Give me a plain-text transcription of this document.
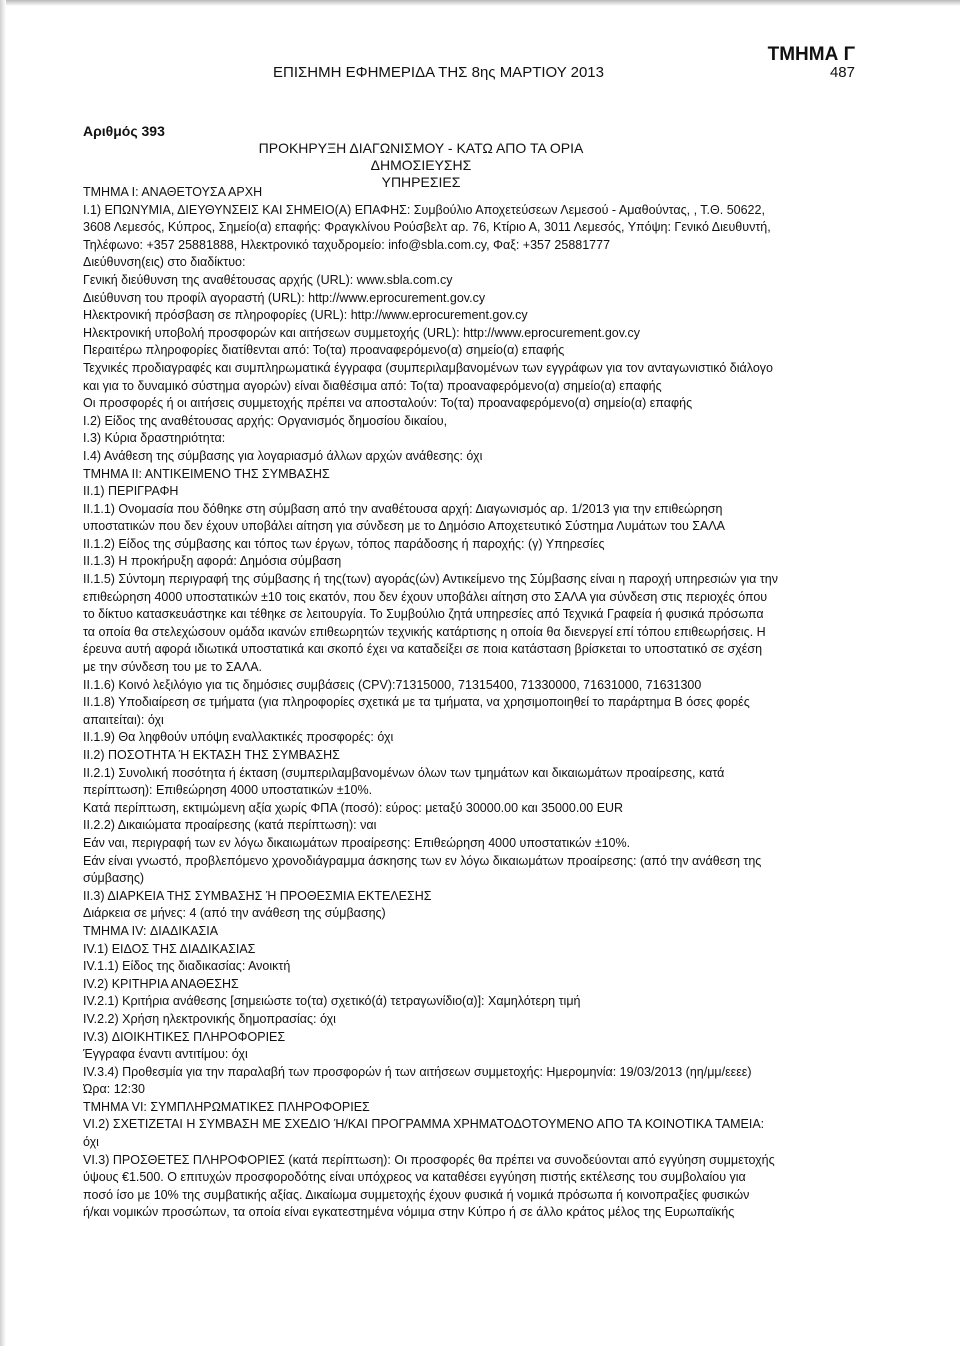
ΤΜΗΜΑ Γ
ΕΠΙΣΗΜΗ ΕΦΗΜΕΡΙΔΑ ΤΗΣ 8ης ΜΑΡΤΙΟΥ 2013	487
Αριθμός 393
ΠΡΟΚΗΡΥΞΗ ΔΙΑΓΩΝΙΣΜΟΥ - ΚΑΤΩ ΑΠΟ ΤΑ ΟΡΙΑ ΔΗΜΟΣΙΕΥΣΗΣ
ΥΠΗΡΕΣΙΕΣ
ΤΜΗΜΑ Ι: ΑΝΑΘΕΤΟΥΣΑ ΑΡΧΗ
Ι.1) ΕΠΩΝΥΜΙΑ, ΔΙΕΥΘΥΝΣΕΙΣ ΚΑΙ ΣΗΜΕΙΟ(Α) ΕΠΑΦΗΣ: Συμβούλιο Αποχετεύσεων Λεμεσού - Αμαθούντας, , Τ.Θ. 50622,
3608 Λεμεσός, Κύπρος, Σημείο(α) επαφής: Φραγκλίνου Ρούσβελτ αρ. 76, Κτίριο Α, 3011 Λεμεσός, Υπόψη: Γενικό Διευθυντή,
Τηλέφωνο: +357 25881888, Ηλεκτρονικό ταχυδρομείο: info@sbla.com.cy, Φαξ: +357 25881777
Διεύθυνση(εις) στο διαδίκτυο:
Γενική διεύθυνση της αναθέτουσας αρχής (URL): www.sbla.com.cy
Διεύθυνση του προφίλ αγοραστή (URL): http://www.eprocurement.gov.cy
Ηλεκτρονική πρόσβαση σε πληροφορίες (URL): http://www.eprocurement.gov.cy
Ηλεκτρονική υποβολή προσφορών και αιτήσεων συμμετοχής (URL): http://www.eprocurement.gov.cy
Περαιτέρω πληροφορίες διατίθενται από: Το(τα) προαναφερόμενο(α) σημείο(α) επαφής
Τεχνικές προδιαγραφές και συμπληρωματικά έγγραφα (συμπεριλαμβανομένων των εγγράφων για τον ανταγωνιστικό διάλογο
και για το δυναμικό σύστημα αγορών) είναι διαθέσιμα από: Το(τα) προαναφερόμενο(α) σημείο(α) επαφής
Οι προσφορές ή οι αιτήσεις συμμετοχής πρέπει να αποσταλούν: Το(τα) προαναφερόμενο(α) σημείο(α) επαφής
Ι.2) Είδος της αναθέτουσας αρχής: Οργανισμός δημοσίου δικαίου,
Ι.3) Κύρια δραστηριότητα:
Ι.4) Ανάθεση της σύμβασης για λογαριασμό άλλων αρχών ανάθεσης: όχι
ΤΜΗΜΑ ΙΙ: ΑΝΤΙΚΕΙΜΕΝΟ ΤΗΣ ΣΥΜΒΑΣΗΣ
ΙΙ.1) ΠΕΡΙΓΡΑΦΗ
ΙΙ.1.1) Ονομασία που δόθηκε στη σύμβαση από την αναθέτουσα αρχή: Διαγωνισμός αρ. 1/2013 για την επιθεώρηση
υποστατικών που δεν έχουν υποβάλει αίτηση για σύνδεση με το Δημόσιο Αποχετευτικό Σύστημα Λυμάτων του ΣΑΛΑ
ΙΙ.1.2) Είδος της σύμβασης και τόπος των έργων, τόπος παράδοσης ή παροχής: (γ) Υπηρεσίες
ΙΙ.1.3) Η προκήρυξη αφορά: Δημόσια σύμβαση
ΙΙ.1.5) Σύντομη περιγραφή της σύμβασης ή της(των) αγοράς(ών) Αντικείμενο της Σύμβασης είναι η παροχή υπηρεσιών για την
επιθεώρηση 4000 υποστατικών ±10 τοις εκατόν, που δεν έχουν υποβάλει αίτηση στο ΣΑΛΑ για σύνδεση στις περιοχές όπου
το δίκτυο κατασκευάστηκε και τέθηκε σε λειτουργία. Το Συμβούλιο ζητά υπηρεσίες από Τεχνικά Γραφεία ή φυσικά πρόσωπα
τα οποία θα στελεχώσουν ομάδα ικανών επιθεωρητών τεχνικής κατάρτισης η οποία θα διενεργεί επί τόπου επιθεωρήσεις. Η
έρευνα αυτή αφορά ιδιωτικά υποστατικά και σκοπό έχει να καταδείξει σε ποια κατάσταση βρίσκεται το υποστατικό σε σχέση
με την σύνδεση του με το ΣΑΛΑ.
ΙΙ.1.6) Κοινό λεξιλόγιο για τις δημόσιες συμβάσεις (CPV):71315000, 71315400, 71330000, 71631000, 71631300
ΙΙ.1.8) Υποδιαίρεση σε τμήματα (για πληροφορίες σχετικά με τα τμήματα, να χρησιμοποιηθεί το παράρτημα Β όσες φορές
απαιτείται): όχι
ΙΙ.1.9) Θα ληφθούν υπόψη εναλλακτικές προσφορές: όχι
ΙΙ.2) ΠΟΣΟΤΗΤΑ Ή ΕΚΤΑΣΗ ΤΗΣ ΣΥΜΒΑΣΗΣ
ΙΙ.2.1) Συνολική ποσότητα ή έκταση (συμπεριλαμβανομένων όλων των τμημάτων και δικαιωμάτων προαίρεσης, κατά
περίπτωση): Επιθεώρηση 4000 υποστατικών ±10%.
Κατά περίπτωση, εκτιμώμενη αξία χωρίς ΦΠΑ (ποσό): εύρος: μεταξύ 30000.00 και 35000.00 EUR
ΙΙ.2.2) Δικαιώματα προαίρεσης (κατά περίπτωση): ναι
Εάν ναι, περιγραφή των εν λόγω δικαιωμάτων προαίρεσης: Επιθεώρηση 4000 υποστατικών ±10%.
Εάν είναι γνωστό, προβλεπόμενο χρονοδιάγραμμα άσκησης των εν λόγω δικαιωμάτων προαίρεσης: (από την ανάθεση της
σύμβασης)
ΙΙ.3) ΔΙΑΡΚΕΙΑ ΤΗΣ ΣΥΜΒΑΣΗΣ Ή ΠΡΟΘΕΣΜΙΑ ΕΚΤΕΛΕΣΗΣ
Διάρκεια σε μήνες: 4 (από την ανάθεση της σύμβασης)
ΤΜΗΜΑ IV: ΔΙΑΔΙΚΑΣΙΑ
IV.1) ΕΙΔΟΣ ΤΗΣ ΔΙΑΔΙΚΑΣΙΑΣ
IV.1.1) Είδος της διαδικασίας: Ανοικτή
IV.2) ΚΡΙΤΗΡΙΑ ΑΝΑΘΕΣΗΣ
IV.2.1) Κριτήρια ανάθεσης [σημειώστε το(τα) σχετικό(ά) τετραγωνίδιο(α)]: Χαμηλότερη τιμή
IV.2.2) Χρήση ηλεκτρονικής δημοπρασίας: όχι
IV.3) ΔΙΟΙΚΗΤΙΚΕΣ ΠΛΗΡΟΦΟΡΙΕΣ
Έγγραφα έναντι αντιτίμου: όχι
IV.3.4) Προθεσμία για την παραλαβή των προσφορών ή των αιτήσεων συμμετοχής: Ημερομηνία: 19/03/2013 (ηη/μμ/εεεε)
Ώρα: 12:30
ΤΜΗΜΑ VI: ΣΥΜΠΛΗΡΩΜΑΤΙΚΕΣ ΠΛΗΡΟΦΟΡΙΕΣ
VI.2) ΣΧΕΤΙΖΕΤΑΙ Η ΣΥΜΒΑΣΗ ΜΕ ΣΧΕΔΙΟ Ή/ΚΑΙ ΠΡΟΓΡΑΜΜΑ ΧΡΗΜΑΤΟΔΟΤΟΥΜΕΝΟ ΑΠΟ ΤΑ ΚΟΙΝΟΤΙΚΑ ΤΑΜΕΙΑ:
όχι
VI.3) ΠΡΟΣΘΕΤΕΣ ΠΛΗΡΟΦΟΡΙΕΣ (κατά περίπτωση): Οι προσφορές θα πρέπει να συνοδεύονται από εγγύηση συμμετοχής
ύψους €1.500. Ο επιτυχών προσφοροδότης είναι υπόχρεος να καταθέσει εγγύηση πιστής εκτέλεσης του συμβολαίου για
ποσό ίσο με 10% της συμβατικής αξίας. Δικαίωμα συμμετοχής έχουν φυσικά ή νομικά πρόσωπα ή κοινοπραξίες φυσικών
ή/και νομικών προσώπων, τα οποία είναι εγκατεστημένα νόμιμα στην Κύπρο ή σε άλλο κράτος μέλος της Ευρωπαϊκής
